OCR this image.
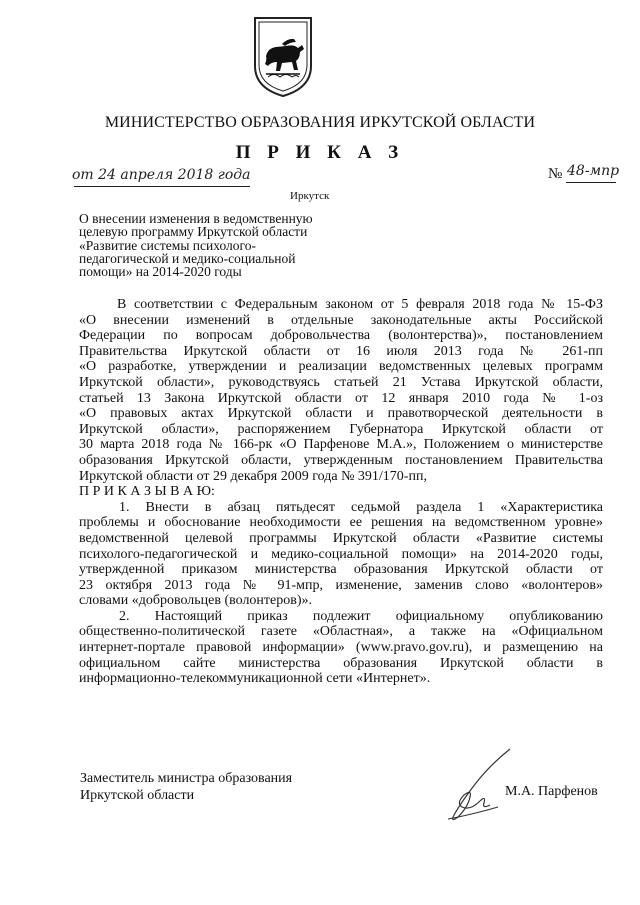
МИНИСТЕРСТВО ОБРАЗОВАНИЯ ИРКУТСКОЙ ОБЛАСТИ
П Р И К А З
от 24 апреля 2018 года	№ 48-мпр
Иркутск
О внесении изменения в ведомственную
целевую программу Иркутской области
«Развитие системы психолого-
педагогической и медико-социальной
помощи» на 2014-2020 годы
В соответствии с Федеральным законом от 5 февраля 2018 года № 15-ФЗ
«О внесении изменений в отдельные законодательные акты Российской
Федерации по вопросам добровольчества (волонтерства)», постановлением
Правительства Иркутской области от 16 июля 2013 года № 261-пп
«О разработке, утверждении и реализации ведомственных целевых программ
Иркутской области», руководствуясь статьей 21 Устава Иркутской области,
статьей 13 Закона Иркутской области от 12 января 2010 года № 1-оз
«О правовых актах Иркутской области и правотворческой деятельности в
Иркутской области», распоряжением Губернатора Иркутской области от
30 марта 2018 года № 166-рк «О Парфенове М.А.», Положением о министерстве
образования Иркутской области, утвержденным постановлением Правительства
Иркутской области от 29 декабря 2009 года № 391/170-пп,
П Р И К А З Ы В А Ю:
1. Внести в абзац пятьдесят седьмой раздела 1 «Характеристика
проблемы и обоснование необходимости ее решения на ведомственном уровне»
ведомственной целевой программы Иркутской области «Развитие системы
психолого-педагогической и медико-социальной помощи» на 2014-2020 годы,
утвержденной приказом министерства образования Иркутской области от
23 октября 2013 года № 91-мпр, изменение, заменив слово «волонтеров»
словами «добровольцев (волонтеров)».
2. Настоящий приказ подлежит официальному опубликованию
общественно-политической газете «Областная», а также на «Официальном
интернет-портале правовой информации» (www.pravo.gov.ru), и размещению на
официальном сайте министерства образования Иркутской области в
информационно-телекоммуникационной сети «Интернет».
Заместитель министра образования
Иркутской области	М.А. Парфенов
